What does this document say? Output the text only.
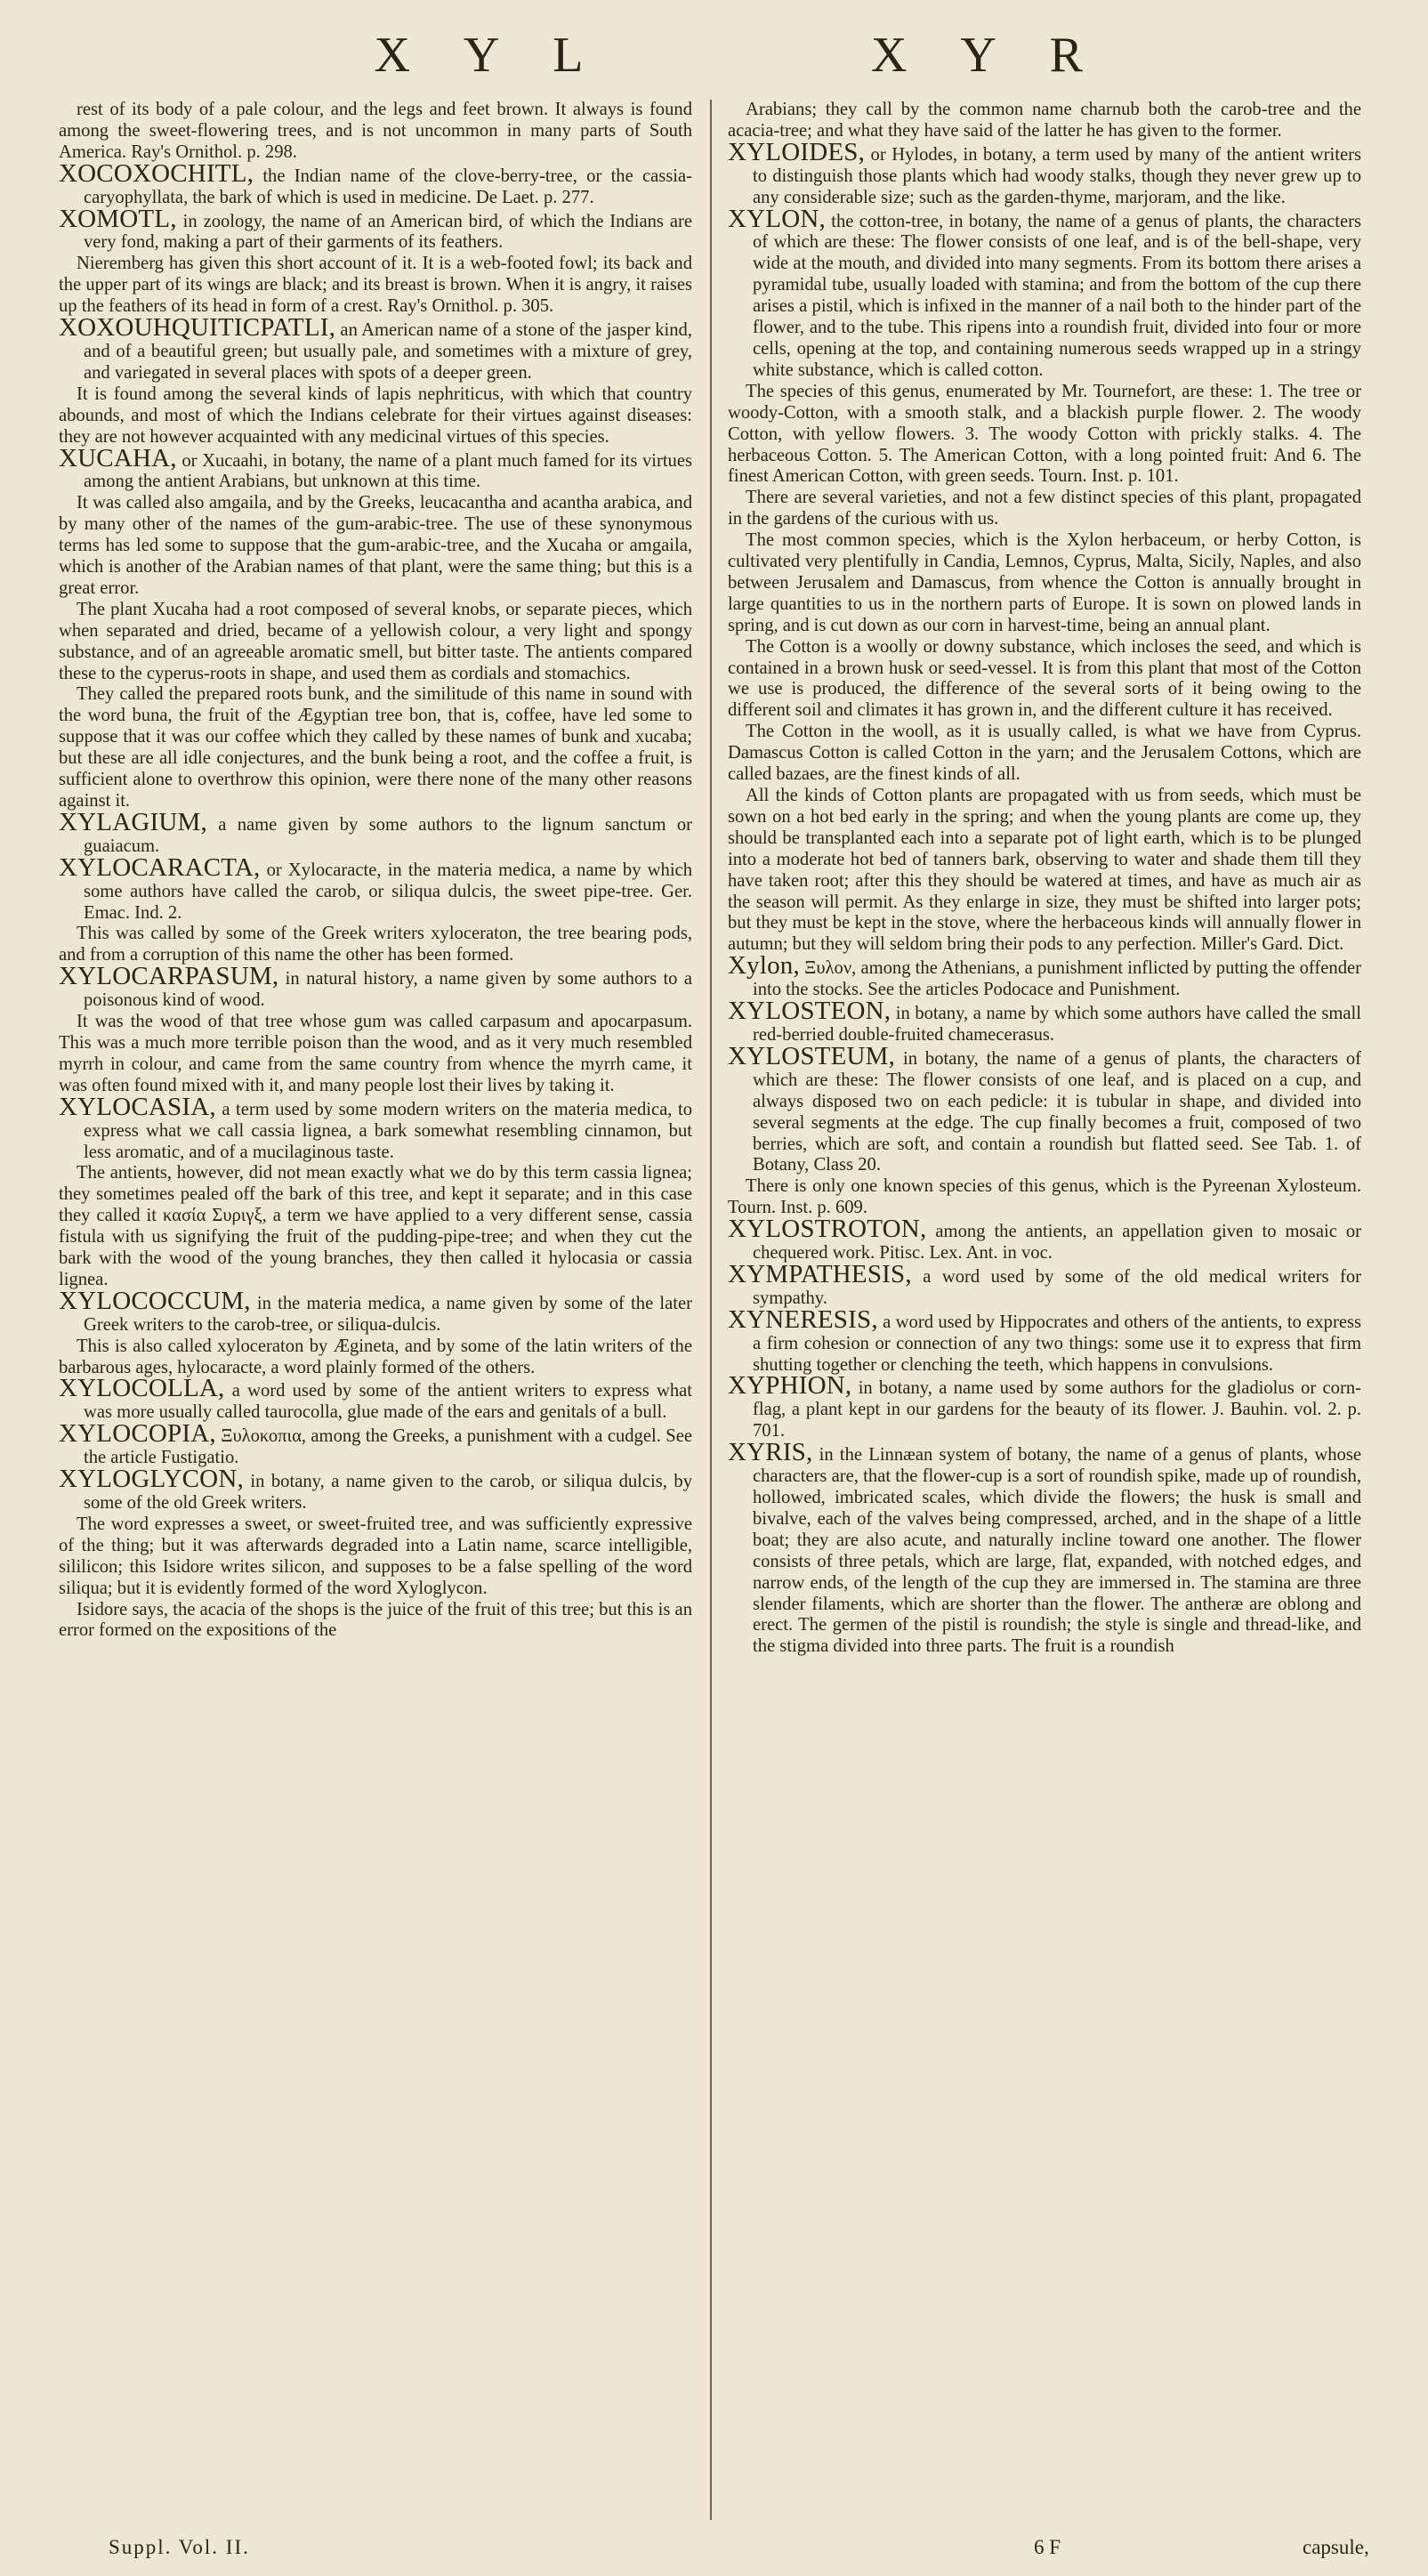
X Y L	X Y R

rest of its body of a pale colour, and the legs and feet brown. It always is found among the sweet-flowering trees, and is not uncommon in many parts of South America. Ray's Ornithol. p. 298.

XOCOXOCHITL, the Indian name of the clove-berry-tree, or the cassia-caryophyllata, the bark of which is used in medicine. De Laet. p. 277.

XOMOTL, in zoology, the name of an American bird, of which the Indians are very fond, making a part of their garments of its feathers.

Nieremberg has given this short account of it. It is a web-footed fowl; its back and the upper part of its wings are black; and its breast is brown. When it is angry, it raises up the feathers of its head in form of a crest. Ray's Ornithol. p. 305.

XOXOUHQUITICPATLI, an American name of a stone of the jasper kind, and of a beautiful green; but usually pale, and sometimes with a mixture of grey, and variegated in several places with spots of a deeper green.

It is found among the several kinds of lapis nephriticus, with which that country abounds, and most of which the Indians celebrate for their virtues against diseases: they are not however acquainted with any medicinal virtues of this species.

XUCAHA, or Xucaahi, in botany, the name of a plant much famed for its virtues among the antient Arabians, but unknown at this time.

It was called also amgaila, and by the Greeks, leucacantha and acantha arabica, and by many other of the names of the gum-arabic-tree. The use of these synonymous terms has led some to suppose that the gum-arabic-tree, and the Xucaha or amgaila, which is another of the Arabian names of that plant, were the same thing; but this is a great error.

The plant Xucaha had a root composed of several knobs, or separate pieces, which when separated and dried, became of a yellowish colour, a very light and spongy substance, and of an agreeable aromatic smell, but bitter taste. The antients compared these to the cyperus-roots in shape, and used them as cordials and stomachics.

They called the prepared roots bunk, and the similitude of this name in sound with the word buna, the fruit of the Ægyptian tree bon, that is, coffee, have led some to suppose that it was our coffee which they called by these names of bunk and xucaba; but these are all idle conjectures, and the bunk being a root, and the coffee a fruit, is sufficient alone to overthrow this opinion, were there none of the many other reasons against it.

XYLAGIUM, a name given by some authors to the lignum sanctum or guaiacum.

XYLOCARACTA, or Xylocaracte, in the materia medica, a name by which some authors have called the carob, or siliqua dulcis, the sweet pipe-tree. Ger. Emac. Ind. 2.

This was called by some of the Greek writers xyloceraton, the tree bearing pods, and from a corruption of this name the other has been formed.

XYLOCARPASUM, in natural history, a name given by some authors to a poisonous kind of wood.

It was the wood of that tree whose gum was called carpasum and apocarpasum. This was a much more terrible poison than the wood, and as it very much resembled myrrh in colour, and came from the same country from whence the myrrh came, it was often found mixed with it, and many people lost their lives by taking it.

XYLOCASIA, a term used by some modern writers on the materia medica, to express what we call cassia lignea, a bark somewhat resembling cinnamon, but less aromatic, and of a mucilaginous taste.

The antients, however, did not mean exactly what we do by this term cassia lignea; they sometimes pealed off the bark of this tree, and kept it separate; and in this case they called it κασία Συριγξ, a term we have applied to a very different sense, cassia fistula with us signifying the fruit of the pudding-pipe-tree; and when they cut the bark with the wood of the young branches, they then called it hylocasia or cassia lignea.

XYLOCOCCUM, in the materia medica, a name given by some of the later Greek writers to the carob-tree, or siliqua-dulcis.

This is also called xyloceraton by Ægineta, and by some of the latin writers of the barbarous ages, hylocaracte, a word plainly formed of the others.

XYLOCOLLA, a word used by some of the antient writers to express what was more usually called taurocolla, glue made of the ears and genitals of a bull.

XYLOCOPIA, Ξυλοκοπια, among the Greeks, a punishment with a cudgel. See the article Fustigatio.

XYLOGLYCON, in botany, a name given to the carob, or siliqua dulcis, by some of the old Greek writers.

The word expresses a sweet, or sweet-fruited tree, and was sufficiently expressive of the thing; but it was afterwards degraded into a Latin name, scarce intelligible, sililicon; this Isidore writes silicon, and supposes to be a false spelling of the word siliqua; but it is evidently formed of the word Xyloglycon.

Isidore says, the acacia of the shops is the juice of the fruit of this tree; but this is an error formed on the expositions of the

Arabians; they call by the common name charnub both the carob-tree and the acacia-tree; and what they have said of the latter he has given to the former.

XYLOIDES, or Hylodes, in botany, a term used by many of the antient writers to distinguish those plants which had woody stalks, though they never grew up to any considerable size; such as the garden-thyme, marjoram, and the like.

XYLON, the cotton-tree, in botany, the name of a genus of plants, the characters of which are these: The flower consists of one leaf, and is of the bell-shape, very wide at the mouth, and divided into many segments. From its bottom there arises a pyramidal tube, usually loaded with stamina; and from the bottom of the cup there arises a pistil, which is infixed in the manner of a nail both to the hinder part of the flower, and to the tube. This ripens into a roundish fruit, divided into four or more cells, opening at the top, and containing numerous seeds wrapped up in a stringy white substance, which is called cotton.

The species of this genus, enumerated by Mr. Tournefort, are these: 1. The tree or woody-Cotton, with a smooth stalk, and a blackish purple flower. 2. The woody Cotton, with yellow flowers. 3. The woody Cotton with prickly stalks. 4. The herbaceous Cotton. 5. The American Cotton, with a long pointed fruit: And 6. The finest American Cotton, with green seeds. Tourn. Inst. p. 101.

There are several varieties, and not a few distinct species of this plant, propagated in the gardens of the curious with us.

The most common species, which is the Xylon herbaceum, or herby Cotton, is cultivated very plentifully in Candia, Lemnos, Cyprus, Malta, Sicily, Naples, and also between Jerusalem and Damascus, from whence the Cotton is annually brought in large quantities to us in the northern parts of Europe. It is sown on plowed lands in spring, and is cut down as our corn in harvest-time, being an annual plant.

The Cotton is a woolly or downy substance, which incloses the seed, and which is contained in a brown husk or seed-vessel. It is from this plant that most of the Cotton we use is produced, the difference of the several sorts of it being owing to the different soil and climates it has grown in, and the different culture it has received.

The Cotton in the wooll, as it is usually called, is what we have from Cyprus. Damascus Cotton is called Cotton in the yarn; and the Jerusalem Cottons, which are called bazaes, are the finest kinds of all.

All the kinds of Cotton plants are propagated with us from seeds, which must be sown on a hot bed early in the spring; and when the young plants are come up, they should be transplanted each into a separate pot of light earth, which is to be plunged into a moderate hot bed of tanners bark, observing to water and shade them till they have taken root; after this they should be watered at times, and have as much air as the season will permit. As they enlarge in size, they must be shifted into larger pots; but they must be kept in the stove, where the herbaceous kinds will annually flower in autumn; but they will seldom bring their pods to any perfection. Miller's Gard. Dict.

Xylon, Ξυλον, among the Athenians, a punishment inflicted by putting the offender into the stocks. See the articles Podocace and Punishment.

XYLOSTEON, in botany, a name by which some authors have called the small red-berried double-fruited chamecerasus.

XYLOSTEUM, in botany, the name of a genus of plants, the characters of which are these: The flower consists of one leaf, and is placed on a cup, and always disposed two on each pedicle: it is tubular in shape, and divided into several segments at the edge. The cup finally becomes a fruit, composed of two berries, which are soft, and contain a roundish but flatted seed. See Tab. 1. of Botany, Class 20.

There is only one known species of this genus, which is the Pyreenan Xylosteum. Tourn. Inst. p. 609.

XYLOSTROTON, among the antients, an appellation given to mosaic or chequered work. Pitisc. Lex. Ant. in voc.

XYMPATHESIS, a word used by some of the old medical writers for sympathy.

XYNERESIS, a word used by Hippocrates and others of the antients, to express a firm cohesion or connection of any two things: some use it to express that firm shutting together or clenching the teeth, which happens in convulsions.

XYPHION, in botany, a name used by some authors for the gladiolus or corn-flag, a plant kept in our gardens for the beauty of its flower. J. Bauhin. vol. 2. p. 701.

XYRIS, in the Linnæan system of botany, the name of a genus of plants, whose characters are, that the flower-cup is a sort of roundish spike, made up of roundish, hollowed, imbricated scales, which divide the flowers; the husk is small and bivalve, each of the valves being compressed, arched, and in the shape of a little boat; they are also acute, and naturally incline toward one another. The flower consists of three petals, which are large, flat, expanded, with notched edges, and narrow ends, of the length of the cup they are immersed in. The stamina are three slender filaments, which are shorter than the flower. The antheræ are oblong and erect. The germen of the pistil is roundish; the style is single and thread-like, and the stigma divided into three parts. The fruit is a roundish

Suppl. Vol. II.	6 F	capsule,
